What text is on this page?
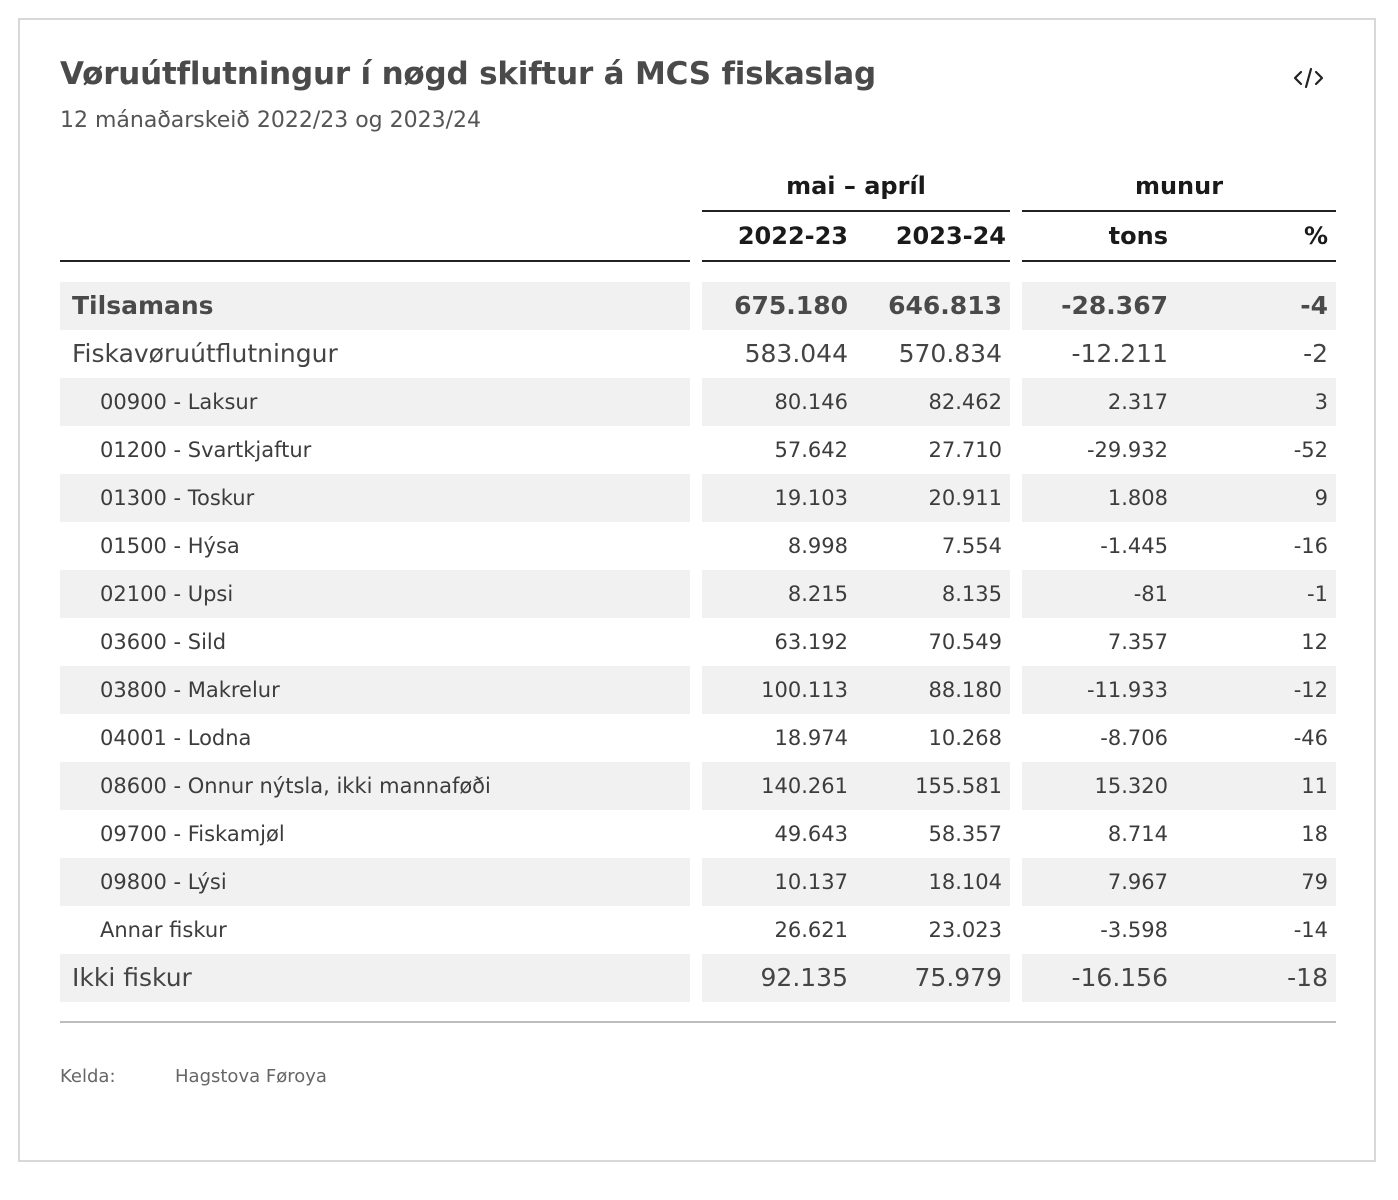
Vøruútflutningur í nøgd skiftur á MCS fiskaslag
12 mánaðarskeið 2022/23 og 2023/24
mai – apríl	munur
2022-23	2023-24	tons	%
Tilsamans	675.180	646.813	-28.367	-4
Fiskavøruútflutningur	583.044	570.834	-12.211	-2
00900 - Laksur	80.146	82.462	2.317	3
01200 - Svartkjaftur	57.642	27.710	-29.932	-52
01300 - Toskur	19.103	20.911	1.808	9
01500 - Hýsa	8.998	7.554	-1.445	-16
02100 - Upsi	8.215	8.135	-81	-1
03600 - Sild	63.192	70.549	7.357	12
03800 - Makrelur	100.113	88.180	-11.933	-12
04001 - Lodna	18.974	10.268	-8.706	-46
08600 - Onnur nýtsla, ikki mannaføði	140.261	155.581	15.320	11
09700 - Fiskamjøl	49.643	58.357	8.714	18
09800 - Lýsi	10.137	18.104	7.967	79
Annar fiskur	26.621	23.023	-3.598	-14
Ikki fiskur	92.135	75.979	-16.156	-18
Kelda:	Hagstova Føroya
